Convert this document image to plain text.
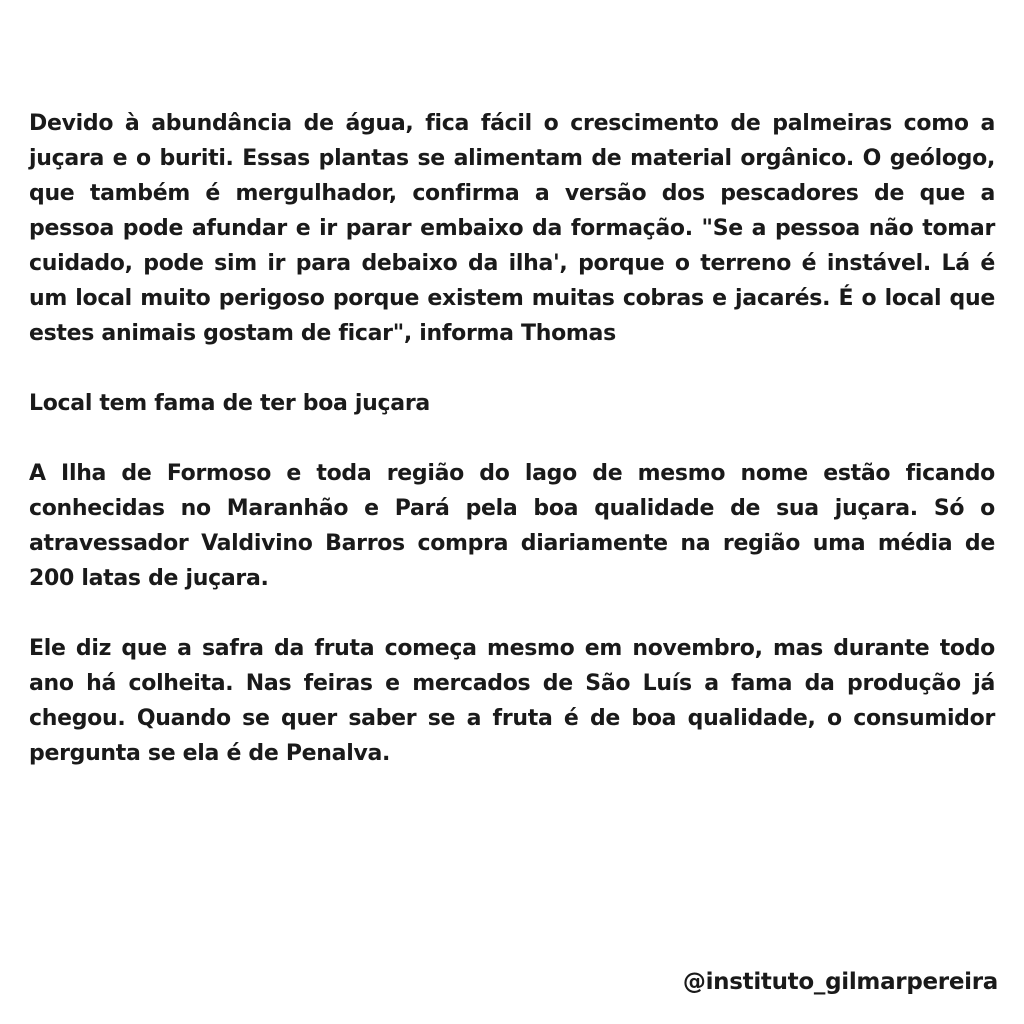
Devido à abundância de água, fica fácil o crescimento de palmeiras como a juçara e o buriti. Essas plantas se alimentam de material orgânico. O geólogo, que também é mergulhador, confirma a versão dos pescadores de que a pessoa pode afundar e ir parar embaixo da formação. "Se a pessoa não tomar cuidado, pode sim ir para debaixo da ilha', porque o terreno é instável. Lá é um local muito perigoso porque existem muitas cobras e jacarés. É o local que estes animais gostam de ficar", informa Thomas

Local tem fama de ter boa juçara

A Ilha de Formoso e toda região do lago de mesmo nome estão ficando conhecidas no Maranhão e Pará pela boa qualidade de sua juçara. Só o atravessador Valdivino Barros compra diariamente na região uma média de 200 latas de juçara.

Ele diz que a safra da fruta começa mesmo em novembro, mas durante todo ano há colheita. Nas feiras e mercados de São Luís a fama da produção já chegou. Quando se quer saber se a fruta é de boa qualidade, o consumidor pergunta se ela é de Penalva.

@instituto_gilmarpereira
